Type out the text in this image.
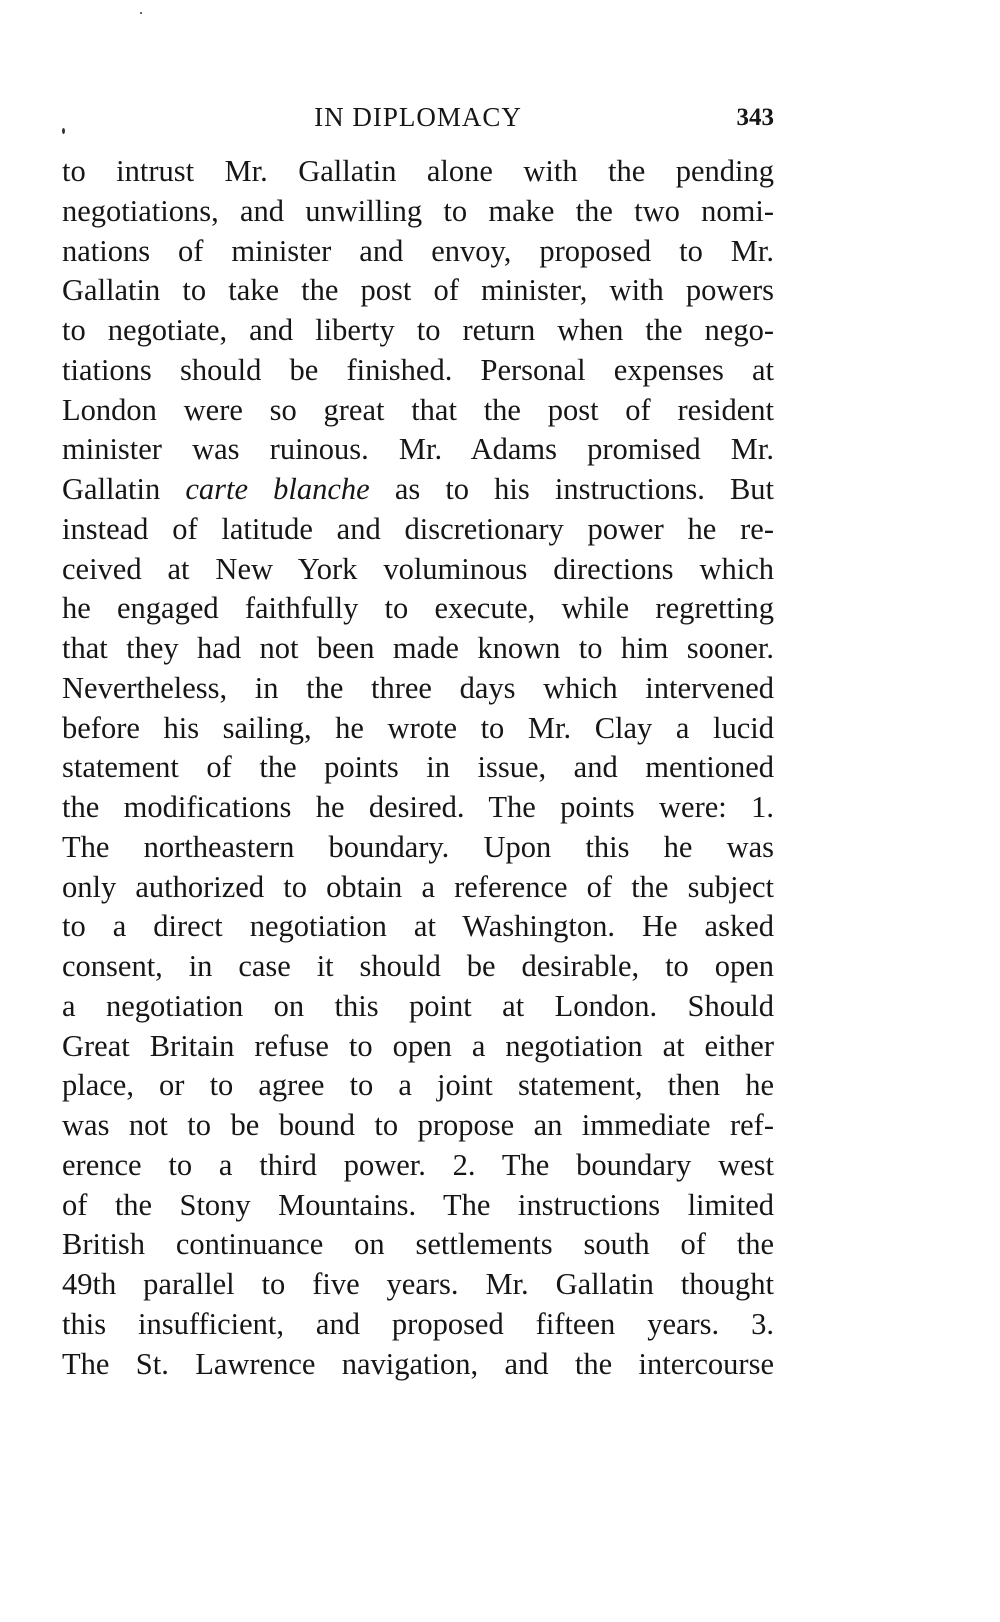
IN DIPLOMACY	343
to intrust Mr. Gallatin alone with the pending
negotiations, and unwilling to make the two nomi-
nations of minister and envoy, proposed to Mr.
Gallatin to take the post of minister, with powers
to negotiate, and liberty to return when the nego-
tiations should be finished. Personal expenses at
London were so great that the post of resident
minister was ruinous. Mr. Adams promised Mr.
Gallatin carte blanche as to his instructions. But
instead of latitude and discretionary power he re-
ceived at New York voluminous directions which
he engaged faithfully to execute, while regretting
that they had not been made known to him sooner.
Nevertheless, in the three days which intervened
before his sailing, he wrote to Mr. Clay a lucid
statement of the points in issue, and mentioned
the modifications he desired. The points were: 1.
The northeastern boundary. Upon this he was
only authorized to obtain a reference of the subject
to a direct negotiation at Washington. He asked
consent, in case it should be desirable, to open
a negotiation on this point at London. Should
Great Britain refuse to open a negotiation at either
place, or to agree to a joint statement, then he
was not to be bound to propose an immediate ref-
erence to a third power. 2. The boundary west
of the Stony Mountains. The instructions limited
British continuance on settlements south of the
49th parallel to five years. Mr. Gallatin thought
this insufficient, and proposed fifteen years. 3.
The St. Lawrence navigation, and the intercourse
